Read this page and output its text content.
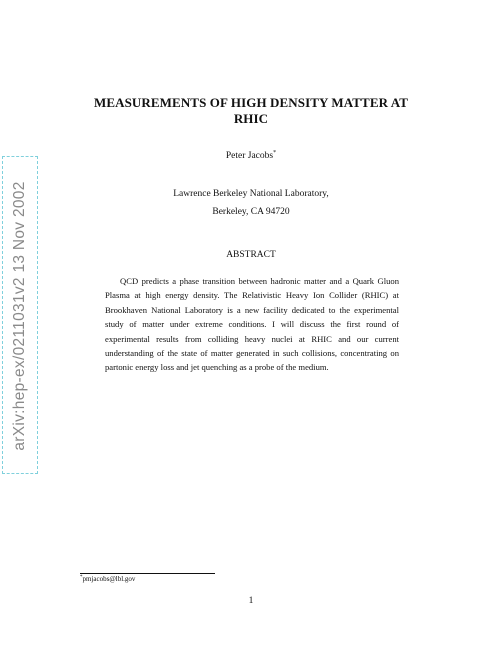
arXiv:hep-ex/0211031v2 13 Nov 2002
MEASUREMENTS OF HIGH DENSITY MATTER AT
RHIC
Peter Jacobs*
Lawrence Berkeley National Laboratory,
Berkeley, CA 94720
ABSTRACT

QCD predicts a phase transition between hadronic matter and a Quark Gluon Plasma at high energy density. The Relativistic Heavy Ion Collider (RHIC) at Brookhaven National Laboratory is a new facility dedicated to the experimental study of matter under extreme conditions. I will discuss the first round of experimental results from colliding heavy nuclei at RHIC and our current understanding of the state of matter generated in such collisions, concentrating on partonic energy loss and jet quenching as a probe of the medium.

*pmjacobs@lbl.gov
1
